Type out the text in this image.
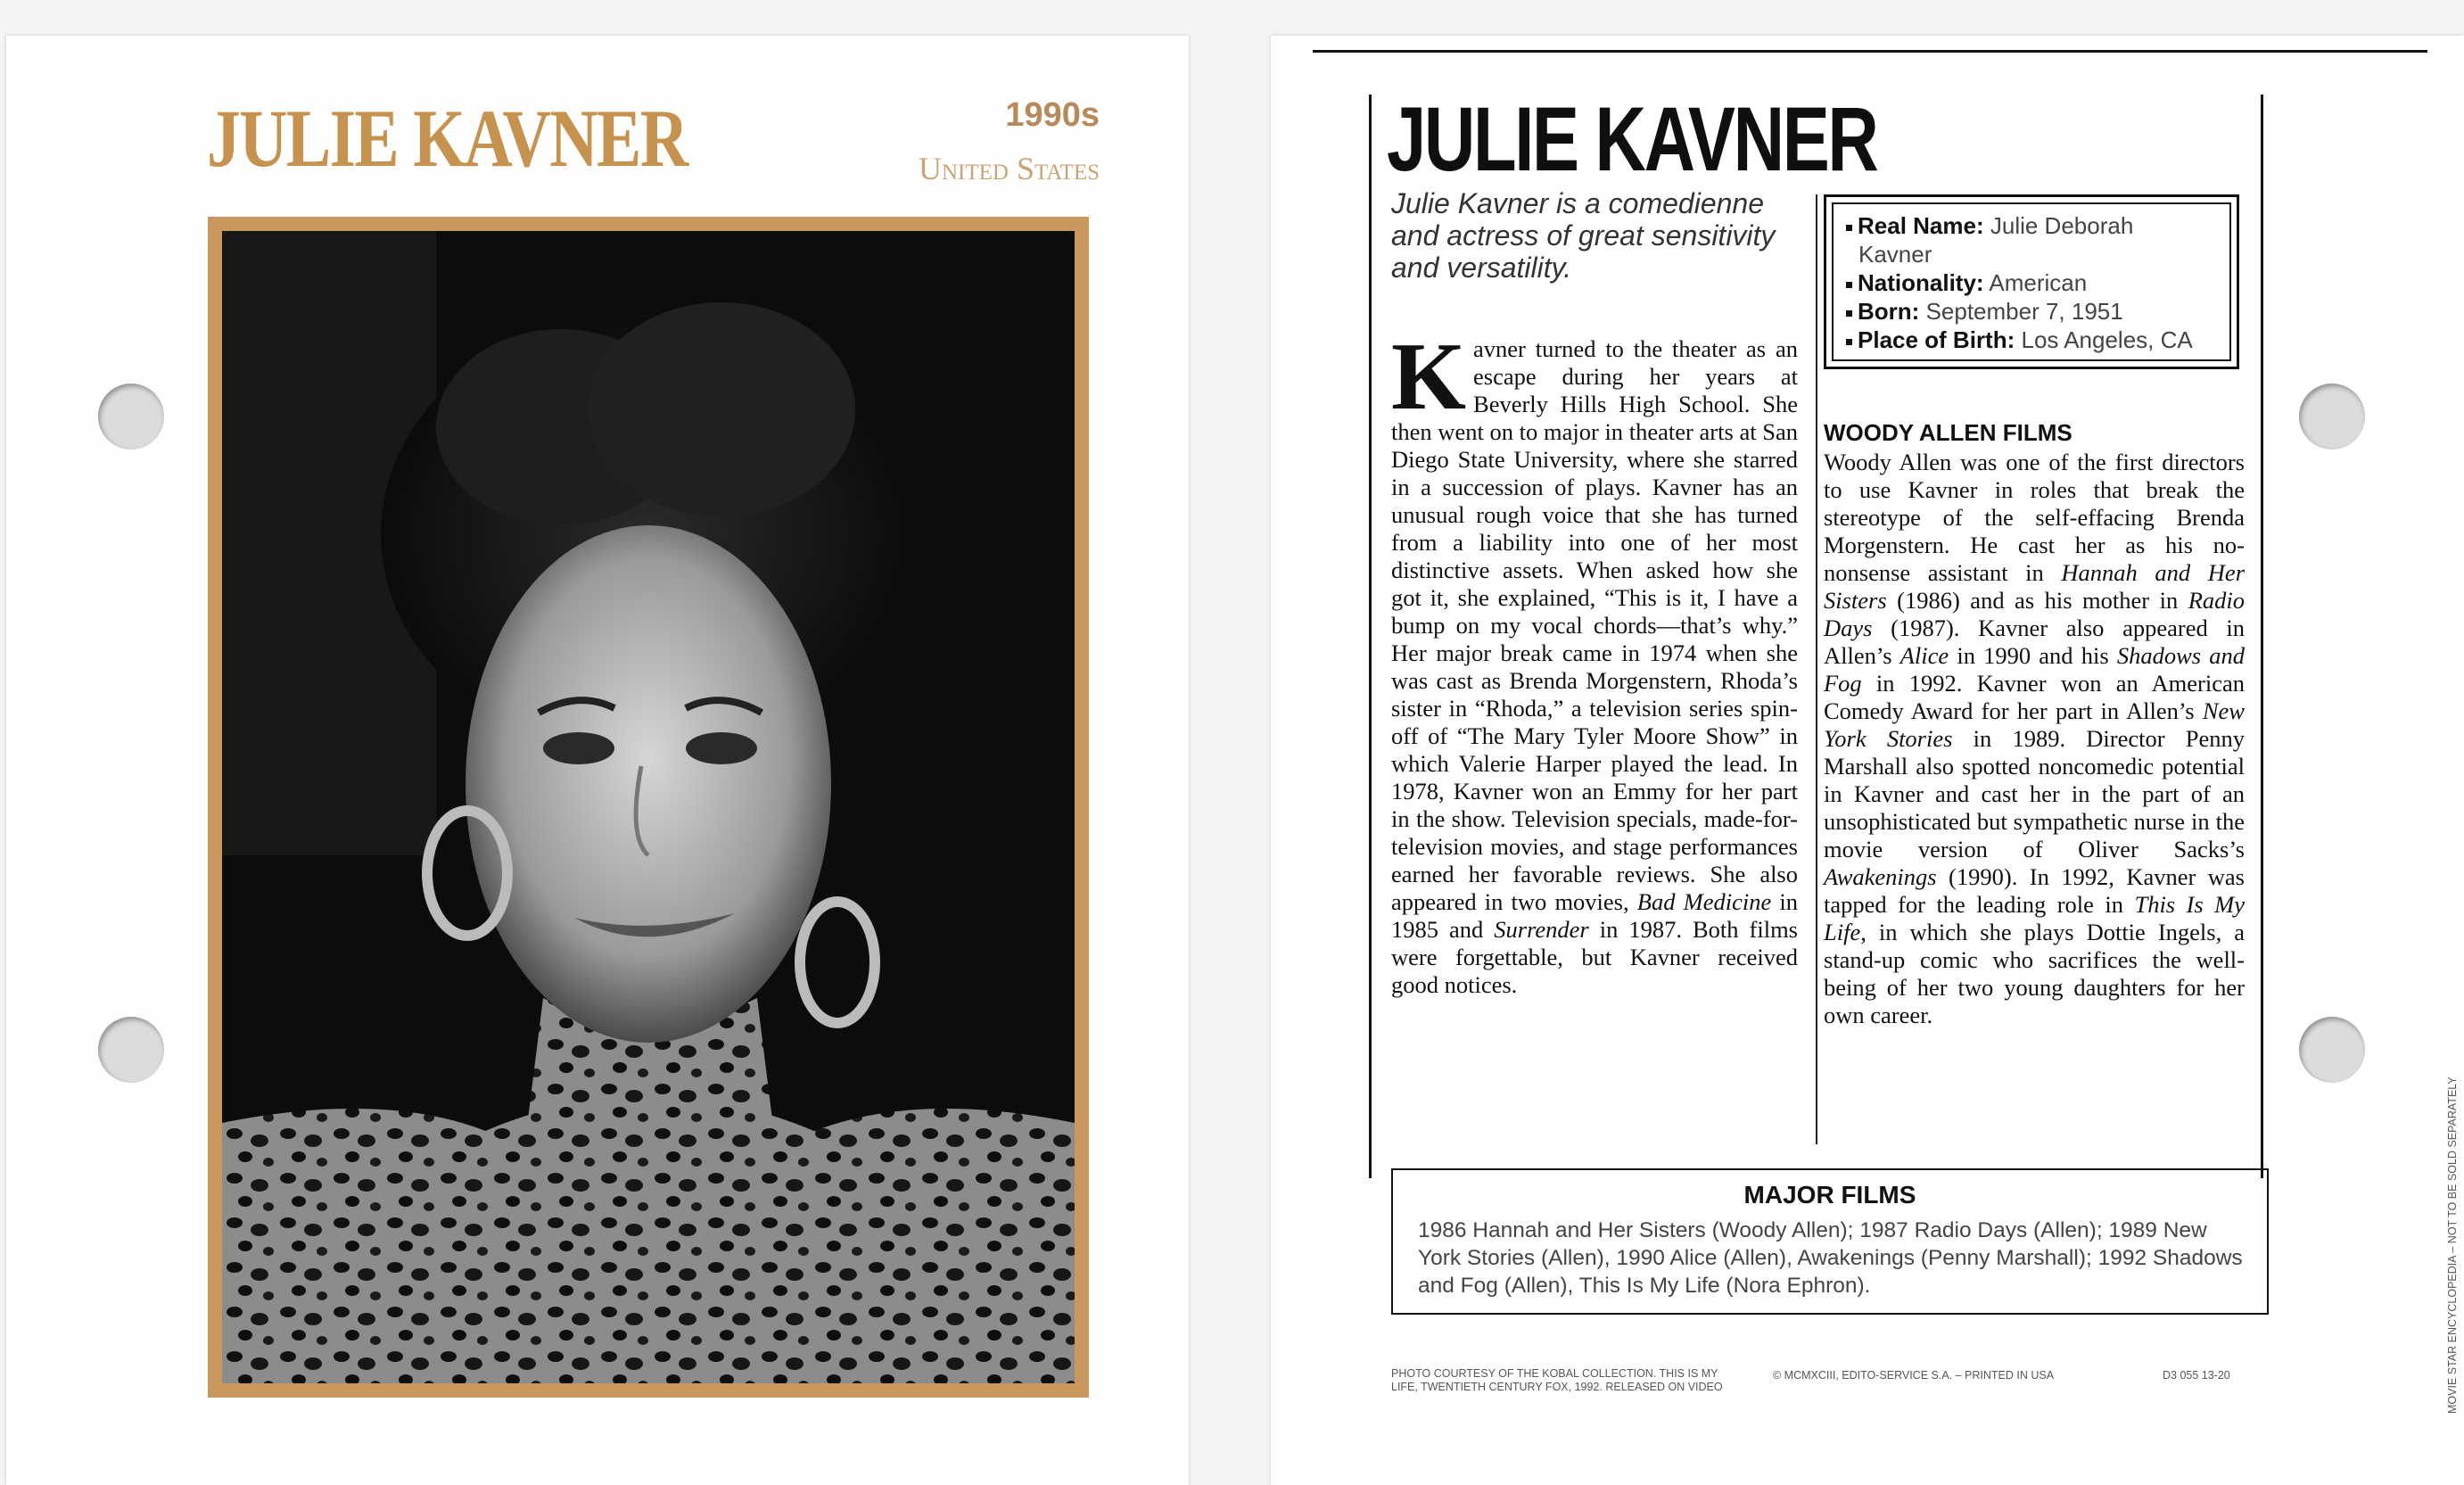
JULIE KAVNER	1990s
United States	JULIE KAVNER
Julie Kavner is a comedienne and actress of great sensitivity and versatility.

Kavner turned to the theater as an escape during her years at Beverly Hills High School. She then went on to major in theater arts at San Diego State University, where she starred in a succession of plays. Kavner has an unusual rough voice that she has turned from a liability into one of her most distinctive assets. When asked how she got it, she explained, “This is it, I have a bump on my vocal chords—that’s why.” Her major break came in 1974 when she was cast as Brenda Morgenstern, Rhoda’s sister in “Rhoda,” a television series spin-off of “The Mary Tyler Moore Show” in which Valerie Harper played the lead. In 1978, Kavner won an Emmy for her part in the show. Television specials, made-for-television movies, and stage performances earned her favorable reviews. She also appeared in two movies, Bad Medicine in 1985 and Surrender in 1987. Both films were forgettable, but Kavner received good notices.

Real Name: Julie Deborah
Kavner
Nationality: American
Born: September 7, 1951
Place of Birth: Los Angeles, CA
WOODY ALLEN FILMS

Woody Allen was one of the first directors to use Kavner in roles that break the stereotype of the self-effacing Brenda Morgenstern. He cast her as his no-nonsense assistant in Hannah and Her Sisters (1986) and as his mother in Radio Days (1987). Kavner also appeared in Allen’s Alice in 1990 and his Shadows and Fog in 1992. Kavner won an American Comedy Award for her part in Allen’s New York Stories in 1989. Director Penny Marshall also spotted noncomedic potential in Kavner and cast her in the part of an unsophisticated but sympathetic nurse in the movie version of Oliver Sacks’s Awakenings (1990). In 1992, Kavner was tapped for the leading role in This Is My Life, in which she plays Dottie Ingels, a stand-up comic who sacrifices the well-being of her two young daughters for her own career.

MAJOR FILMS
1986 Hannah and Her Sisters (Woody Allen); 1987 Radio Days (Allen); 1989 New York Stories (Allen), 1990 Alice (Allen), Awakenings (Penny Marshall); 1992 Shadows and Fog (Allen), This Is My Life (Nora Ephron).
PHOTO COURTESY OF THE KOBAL COLLECTION. THIS IS MY
LIFE, TWENTIETH CENTURY FOX, 1992. RELEASED ON VIDEO
© MCMXCIII, EDITO-SERVICE S.A. – PRINTED IN USA	D3 055 13-20	MOVIE STAR ENCYCLOPEDIA – NOT TO BE SOLD SEPARATELY
